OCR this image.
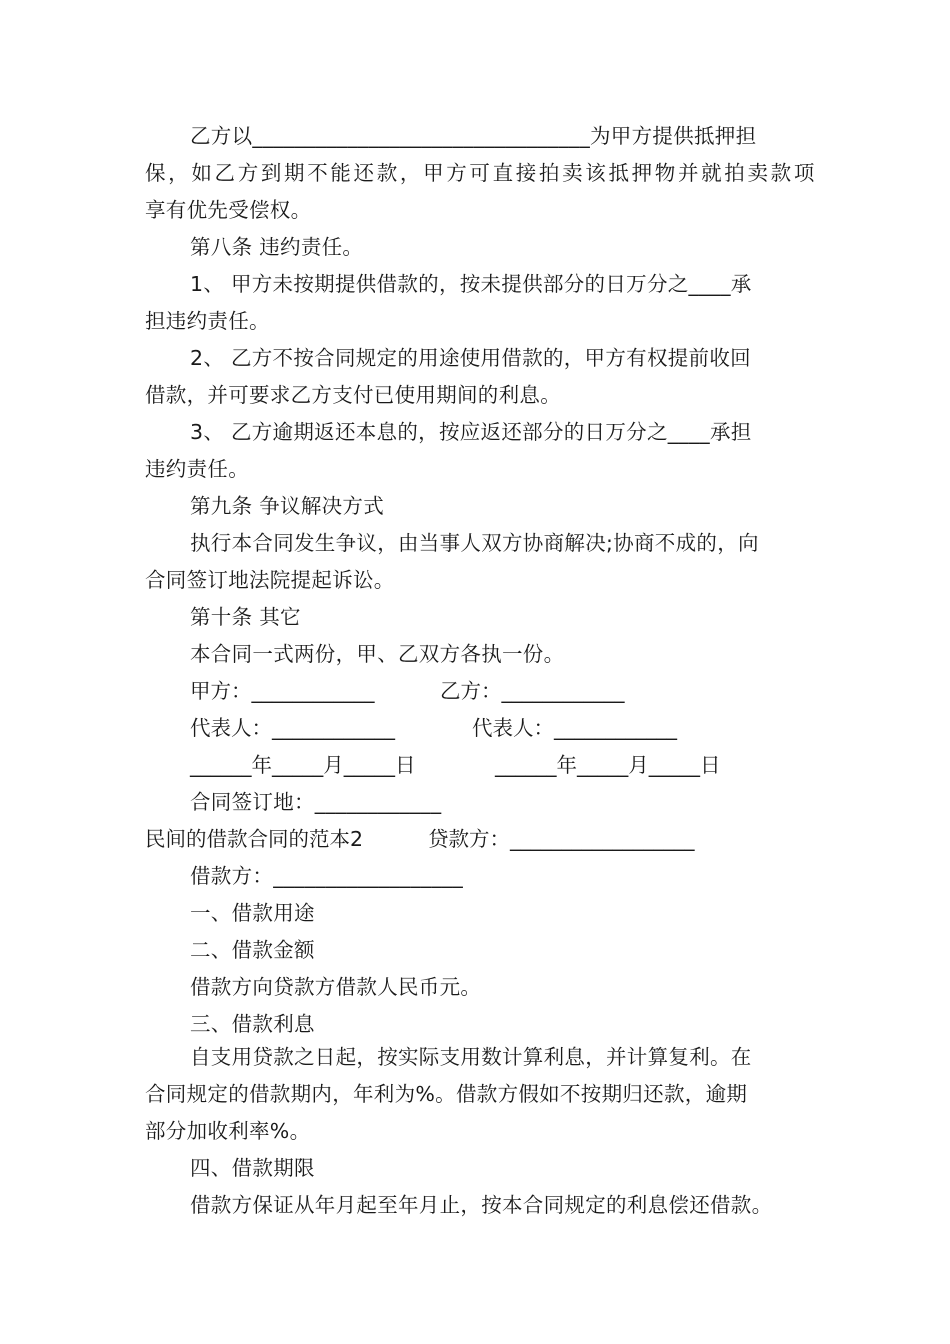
乙方以________________________________为甲方提供抵押担
保 ， 如 乙 方 到 期 不 能 还 款 ， 甲 方 可 直 接 拍 卖 该 抵 押 物 并 就 拍 卖 款 项
享有优先受偿权。
第八条 违约责任。
1、 甲方未按期提供借款的，按未提供部分的日万分之____承
担违约责任。
2、 乙方不按合同规定的用途使用借款的，甲方有权提前收回
借款，并可要求乙方支付已使用期间的利息。
3、 乙方逾期返还本息的，按应返还部分的日万分之____承担
违约责任。
第九条 争议解决方式
执行本合同发生争议，由当事人双方协商解决;协商不成的，向
合同签订地法院提起诉讼。
第十条 其它
本合同一式两份，甲、乙双方各执一份。
甲方：____________	乙方：____________
代表人：____________	代表人：____________
______年_____月_____日	______年_____月_____日
合同签订地：____________
民间的借款合同的范本2	贷款方：__________________
借款方：__________________
一、借款用途
二、借款金额
借款方向贷款方借款人民币元。
三、借款利息
自支用贷款之日起，按实际支用数计算利息，并计算复利。在
合同规定的借款期内，年利为%。借款方假如不按期归还款，逾期
部分加收利率%。
四、借款期限
借款方保证从年月起至年月止，按本合同规定的利息偿还借款。
